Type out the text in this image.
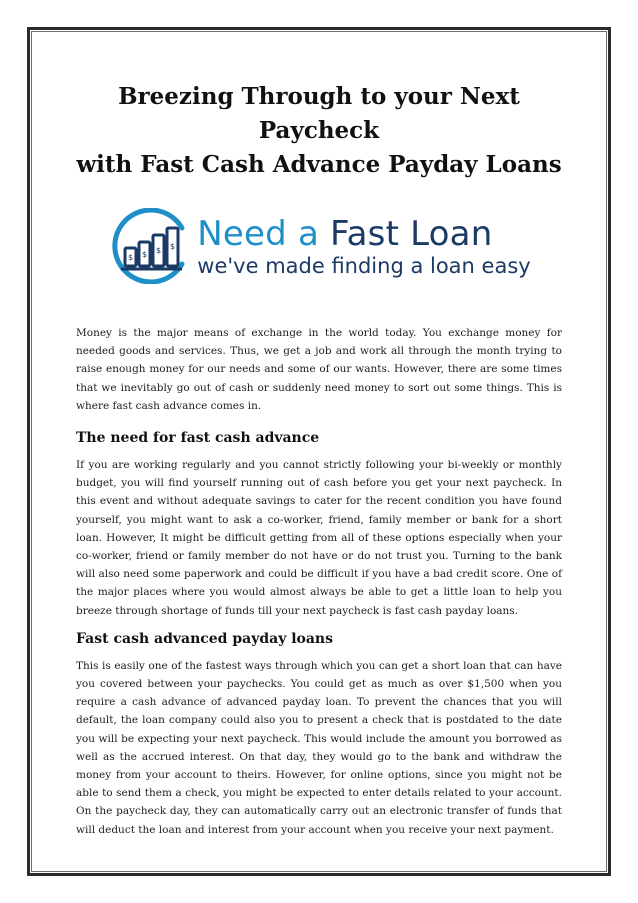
Breezing Through to your Next Paycheck
with Fast Cash Advance Payday Loans
$ $ $ $ Need a Fast Loan
we've made finding a loan easy

Money is the major means of exchange in the world today. You exchange money for needed goods and services. Thus, we get a job and work all through the month trying to raise enough money for our needs and some of our wants. However, there are some times that we inevitably go out of cash or suddenly need money to sort out some things. This is where fast cash advance comes in.

The need for fast cash advance

If you are working regularly and you cannot strictly following your bi-weekly or monthly budget, you will find yourself running out of cash before you get your next paycheck. In this event and without adequate savings to cater for the recent condition you have found yourself, you might want to ask a co-worker, friend, family member or bank for a short loan. However, It might be difficult getting from all of these options especially when your co-worker, friend or family member do not have or do not trust you. Turning to the bank will also need some paperwork and could be difficult if you have a bad credit score. One of the major places where you would almost always be able to get a little loan to help you breeze through shortage of funds till your next paycheck is fast cash payday loans.

Fast cash advanced payday loans

This is easily one of the fastest ways through which you can get a short loan that can have you covered between your paychecks. You could get as much as over $1,500 when you require a cash advance of advanced payday loan. To prevent the chances that you will default, the loan company could also you to present a check that is postdated to the date you will be expecting your next paycheck. This would include the amount you borrowed as well as the accrued interest. On that day, they would go to the bank and withdraw the money from your account to theirs. However, for online options, since you might not be able to send them a check, you might be expected to enter details related to your account. On the paycheck day, they can automatically carry out an electronic transfer of funds that will deduct the loan and interest from your account when you receive your next payment.
